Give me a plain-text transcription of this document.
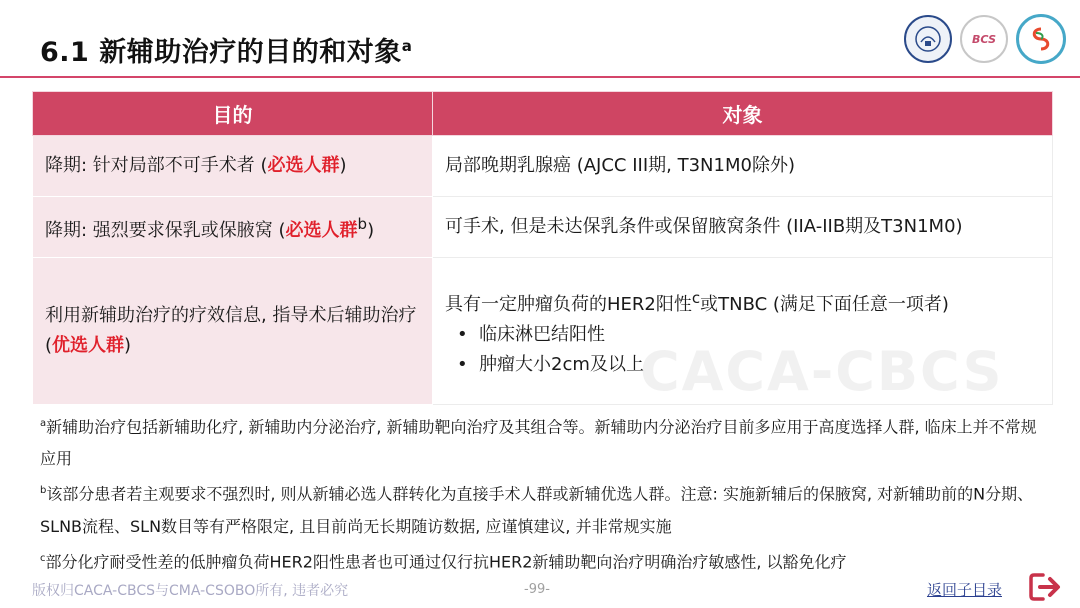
6.1 新辅助治疗的目的和对象$^a$	BCS
目的	对象
降期: 针对局部不可手术者 (必选人群)	局部晚期乳腺癌 (AJCC III期, T3N1M0除外)
降期: 强烈要求保乳或保腋窝 (必选人群$^b$)	可手术, 但是未达保乳条件或保留腋窝条件 (IIA-IIB期及T3N1M0)
利用新辅助治疗的疗效信息, 指导术后辅助治疗 (优选人群)	具有一定肿瘤负荷的HER2阳性$^c$或TNBC (满足下面任意一项者)
•  临床淋巴结阳性
•  肿瘤大小2cm及以上
CACA-CBCS
$^a$新辅助治疗包括新辅助化疗, 新辅助内分泌治疗, 新辅助靶向治疗及其组合等。新辅助内分泌治疗目前多应用于高度选择人群, 临床上并不常规应用
$^b$该部分患者若主观要求不强烈时, 则从新辅必选人群转化为直接手术人群或新辅优选人群。注意: 实施新辅后的保腋窝, 对新辅助前的N分期、SLNB流程、SLN数目等有严格限定, 且目前尚无长期随访数据, 应谨慎建议, 并非常规实施
$^c$部分化疗耐受性差的低肿瘤负荷HER2阳性患者也可通过仅行抗HER2新辅助靶向治疗明确治疗敏感性, 以豁免化疗
版权归CACA-CBCS与CMA-CSOBO所有, 违者必究	-99-	返回子目录
